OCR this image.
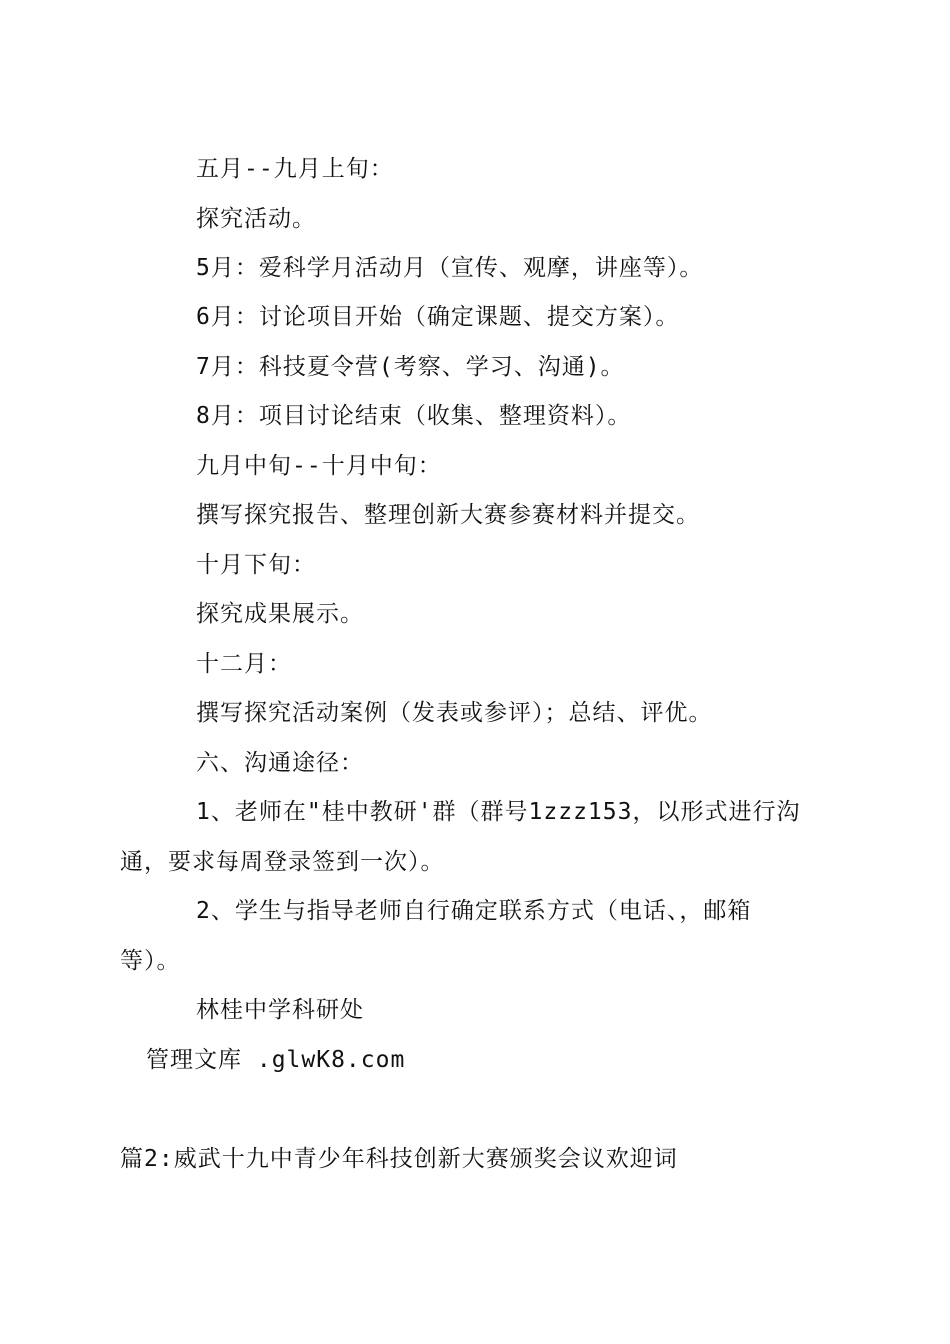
五月--九月上旬：
探究活动。
5月：爱科学月活动月（宣传、观摩，讲座等）。
6月：讨论项目开始（确定课题、提交方案）。
7月：科技夏令营(考察、学习、沟通)。
8月：项目讨论结束（收集、整理资料）。
九月中旬--十月中旬：
撰写探究报告、整理创新大赛参赛材料并提交。
十月下旬：
探究成果展示。
十二月：
撰写探究活动案例（发表或参评）；总结、评优。
六、沟通途径：
1、老师在"桂中教研'群（群号1zzz153，以形式进行沟
通，要求每周登录签到一次）。
2、学生与指导老师自行确定联系方式（电话、，邮箱
等）。
林桂中学科研处
管理文库 .glwK8.com
篇2:威武十九中青少年科技创新大赛颁奖会议欢迎词
